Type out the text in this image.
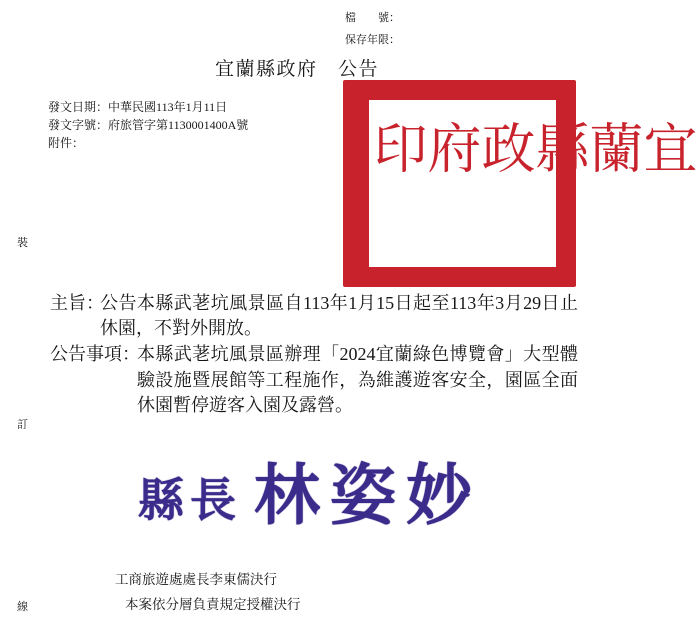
檔　　號：
保存年限：
宜蘭縣政府　公告
發文日期：中華民國113年1月11日
發文字號：府旅管字第1130001400A號
附件：	宜蘭
縣政
府印
裝
訂
線
主旨：
公告本縣武荖坑風景區自113年1月15日起至113年3月29日止
休園，不對外開放。
公告事項：
本縣武荖坑風景區辦理「2024宜蘭綠色博覽會」大型體
驗設施暨展館等工程施作，為維護遊客安全，園區全面
休園暫停遊客入園及露營。
縣長 林姿妙
工商旅遊處處長李東儒決行
本案依分層負責規定授權決行
